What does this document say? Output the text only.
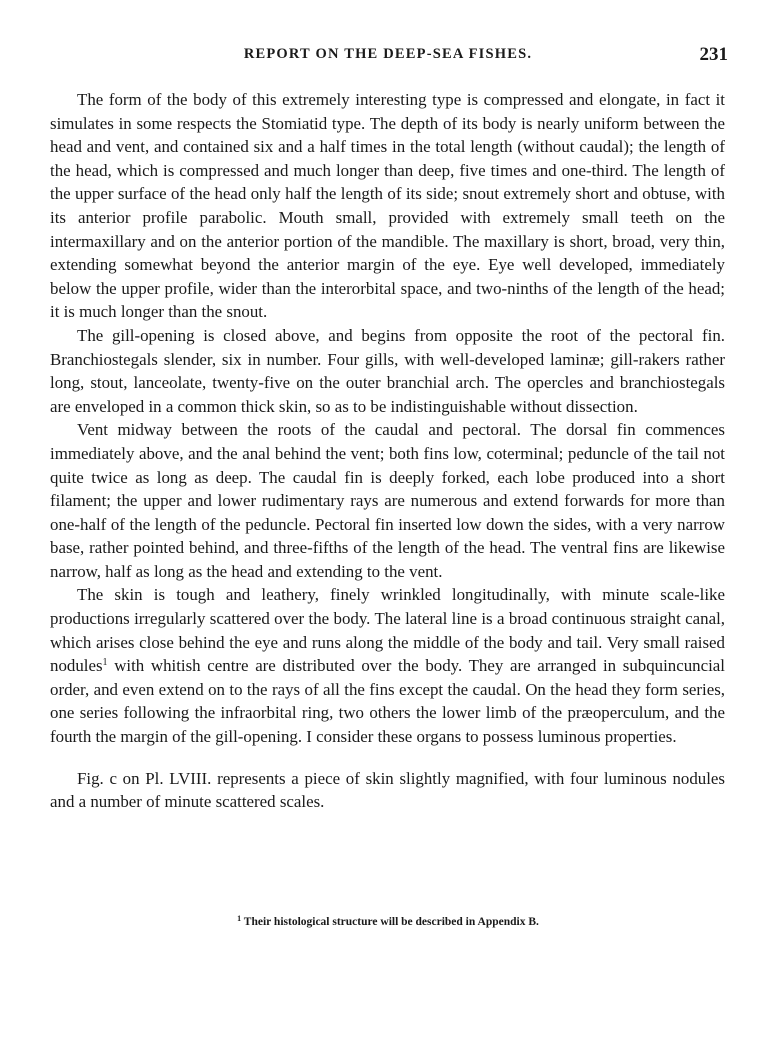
REPORT ON THE DEEP-SEA FISHES.	231

The form of the body of this extremely interesting type is compressed and elongate, in fact it simulates in some respects the Stomiatid type. The depth of its body is nearly uniform between the head and vent, and contained six and a half times in the total length (without caudal); the length of the head, which is compressed and much longer than deep, five times and one-third. The length of the upper surface of the head only half the length of its side; snout extremely short and obtuse, with its anterior profile parabolic. Mouth small, provided with extremely small teeth on the intermaxillary and on the anterior portion of the mandible. The maxillary is short, broad, very thin, extending somewhat beyond the anterior margin of the eye. Eye well developed, immediately below the upper profile, wider than the interorbital space, and two-ninths of the length of the head; it is much longer than the snout.

The gill-opening is closed above, and begins from opposite the root of the pectoral fin. Branchiostegals slender, six in number. Four gills, with well-developed laminæ; gill-rakers rather long, stout, lanceolate, twenty-five on the outer branchial arch. The opercles and branchiostegals are enveloped in a common thick skin, so as to be indistinguishable without dissection.

Vent midway between the roots of the caudal and pectoral. The dorsal fin commences immediately above, and the anal behind the vent; both fins low, coterminal; peduncle of the tail not quite twice as long as deep. The caudal fin is deeply forked, each lobe produced into a short filament; the upper and lower rudimentary rays are numerous and extend forwards for more than one-half of the length of the peduncle. Pectoral fin inserted low down the sides, with a very narrow base, rather pointed behind, and three-fifths of the length of the head. The ventral fins are likewise narrow, half as long as the head and extending to the vent.

The skin is tough and leathery, finely wrinkled longitudinally, with minute scale-like productions irregularly scattered over the body. The lateral line is a broad continuous straight canal, which arises close behind the eye and runs along the middle of the body and tail. Very small raised nodules$^1$ with whitish centre are distributed over the body. They are arranged in subquincuncial order, and even extend on to the rays of all the fins except the caudal. On the head they form series, one series following the infraorbital ring, two others the lower limb of the præoperculum, and the fourth the margin of the gill-opening. I consider these organs to possess luminous properties.

Fig. c on Pl. LVIII. represents a piece of skin slightly magnified, with four luminous nodules and a number of minute scattered scales.

$^1$ Their histological structure will be described in Appendix B.
